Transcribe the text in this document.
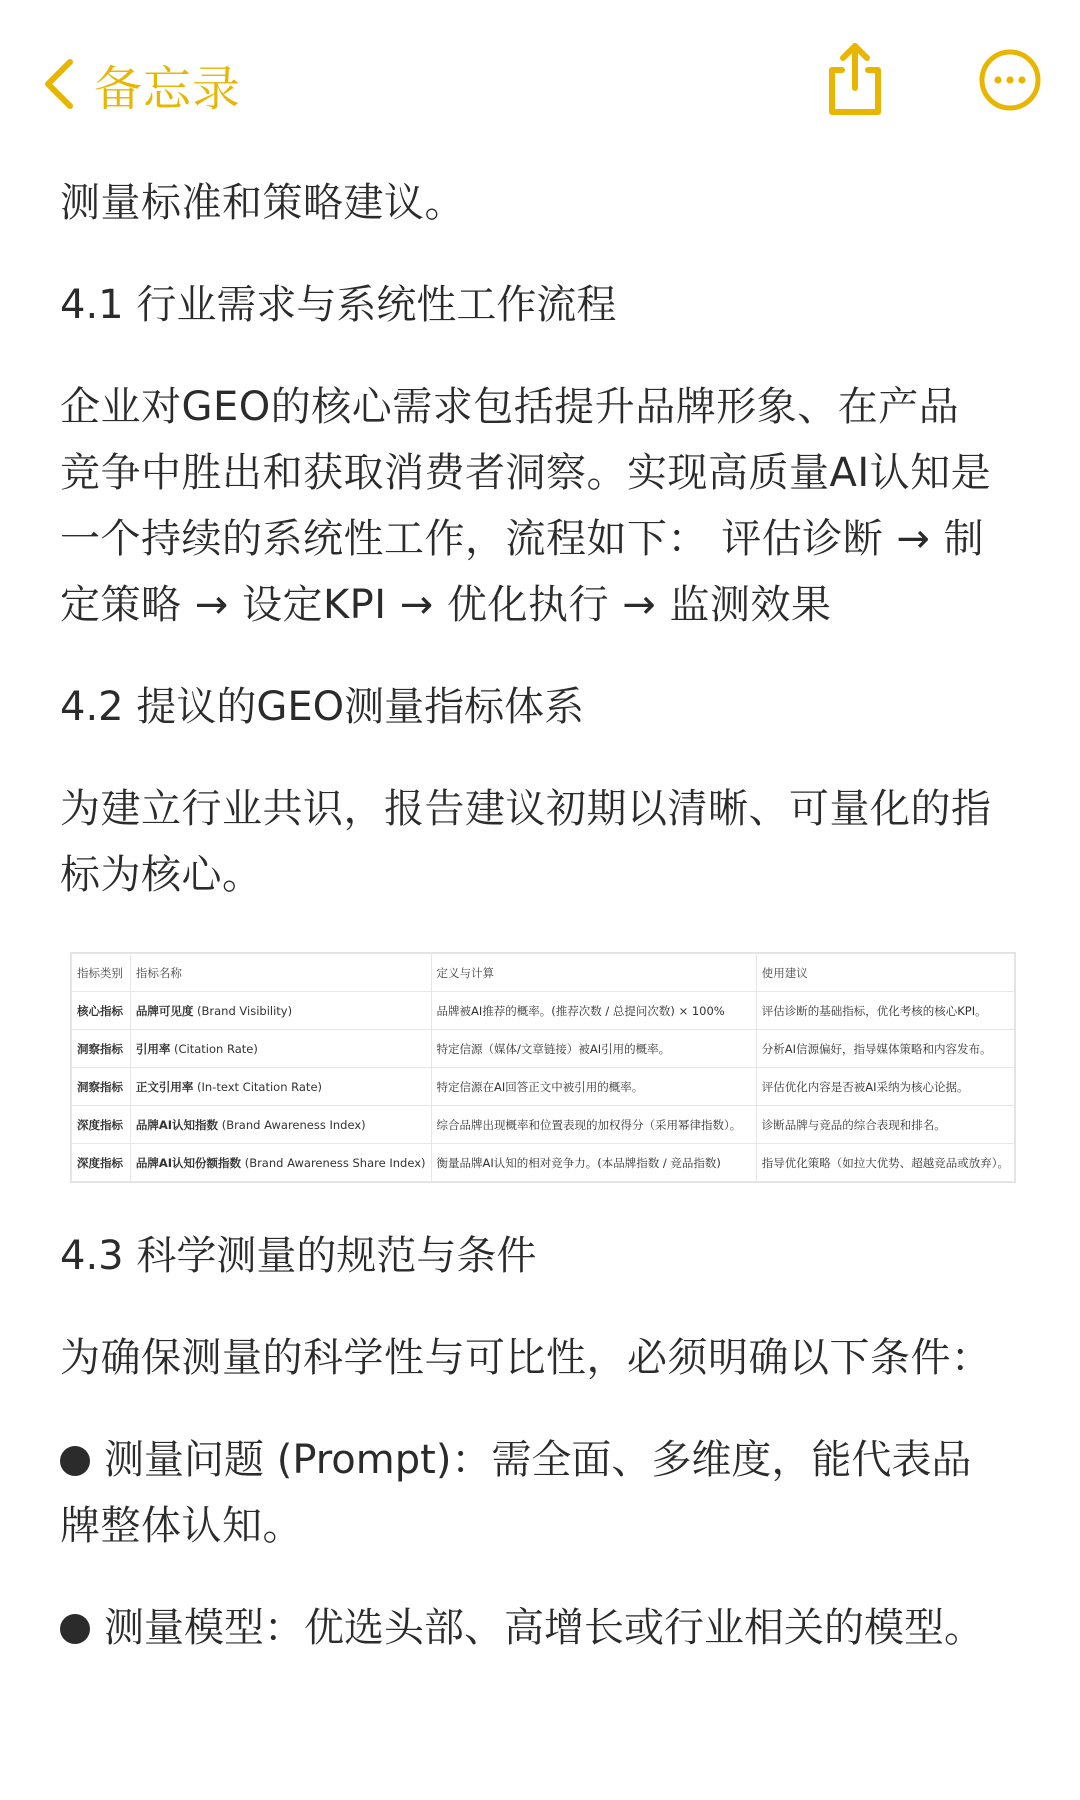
备忘录

测量标准和策略建议。

4.1 行业需求与系统性工作流程

企业对GEO的核心需求包括提升品牌形象、在产品

竞争中胜出和获取消费者洞察。实现高质量AI认知是

一个持续的系统性工作，流程如下： 评估诊断 → 制

定策略 → 设定KPI → 优化执行 → 监测效果

4.2 提议的GEO测量指标体系

为建立行业共识，报告建议初期以清晰、可量化的指

标为核心。

指标类别	指标名称	定义与计算	使用建议
核心指标	品牌可见度 (Brand Visibility)	品牌被AI推荐的概率。(推荐次数 / 总提问次数) × 100%	评估诊断的基础指标，优化考核的核心KPI。
洞察指标	引用率 (Citation Rate)	特定信源（媒体/文章链接）被AI引用的概率。	分析AI信源偏好，指导媒体策略和内容发布。
洞察指标	正文引用率 (In-text Citation Rate)	特定信源在AI回答正文中被引用的概率。	评估优化内容是否被AI采纳为核心论据。
深度指标	品牌AI认知指数 (Brand Awareness Index)	综合品牌出现概率和位置表现的加权得分（采用幂律指数）。	诊断品牌与竞品的综合表现和排名。
深度指标	品牌AI认知份额指数 (Brand Awareness Share Index)	衡量品牌AI认知的相对竞争力。(本品牌指数 / 竞品指数)	指导优化策略（如拉大优势、超越竞品或放弃）。

4.3 科学测量的规范与条件

为确保测量的科学性与可比性，必须明确以下条件：

测量问题 (Prompt)：需全面、多维度，能代表品

牌整体认知。

测量模型：优选头部、高增长或行业相关的模型。
